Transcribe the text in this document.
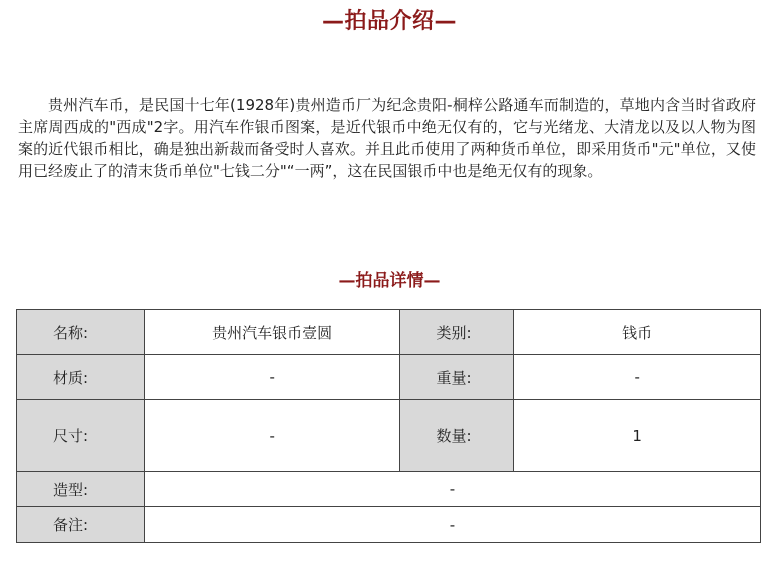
—拍品介绍—
贵州汽车币，是民国十七年(1928年)贵州造币厂为纪念贵阳-桐梓公路通车而制造的，草地内含当时省政府主席周西成的"西成"2字。用汽车作银币图案，是近代银币中绝无仅有的，它与光绪龙、大清龙以及以人物为图案的近代银币相比，确是独出新裁而备受时人喜欢。并且此币使用了两种货币单位，即采用货币"元"单位，又使用已经废止了的清末货币单位"七钱二分"“一两”，这在民国银币中也是绝无仅有的现象。
—拍品详情—
名称:	贵州汽车银币壹圆	类别:	钱币
材质:	-	重量:	-
尺寸:	-	数量:	1
造型:	-		
备注:	-		
